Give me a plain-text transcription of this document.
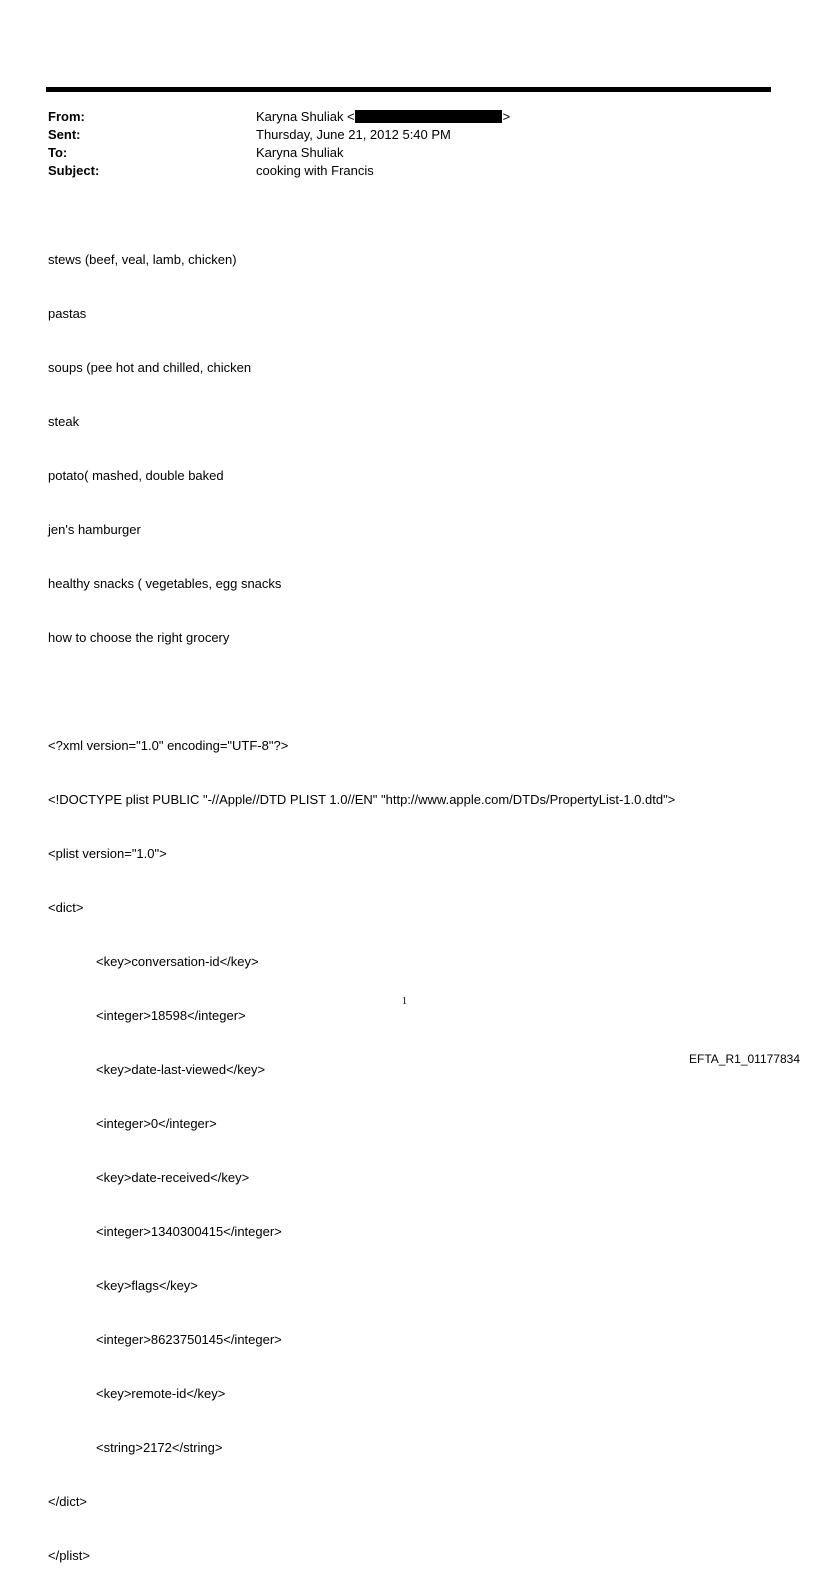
From:	Karyna Shuliak <	>
Sent:	Thursday, June 21, 2012 5:40 PM
To:	Karyna Shuliak
Subject:	cooking with Francis

stews (beef, veal, lamb, chicken)

pastas

soups (pee hot and chilled, chicken

steak

potato( mashed, double baked

jen's hamburger

healthy snacks ( vegetables, egg snacks

how to choose the right grocery

<?xml version="1.0" encoding="UTF-8"?>

<!DOCTYPE plist PUBLIC "-//Apple//DTD PLIST 1.0//EN" "http://www.apple.com/DTDs/PropertyList-1.0.dtd">

<plist version="1.0">

<dict>

<key>conversation-id</key>

<integer>18598</integer>

<key>date-last-viewed</key>

<integer>0</integer>

<key>date-received</key>

<integer>1340300415</integer>

<key>flags</key>

<integer>8623750145</integer>

<key>remote-id</key>

<string>2172</string>

</dict>

</plist>

1
EFTA_R1_01177834
